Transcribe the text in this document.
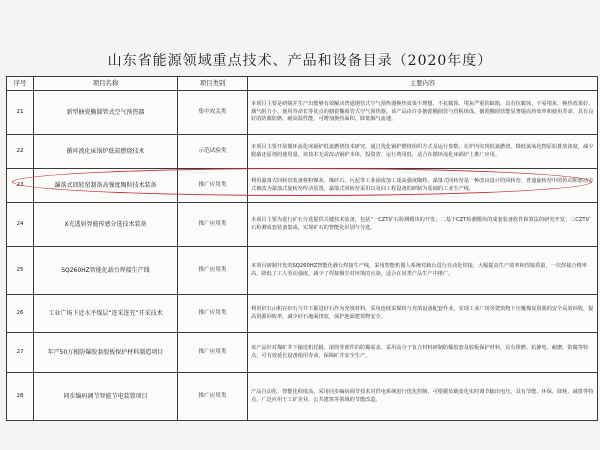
山东省能源领域重点技术、产品和设备目录（2020年度）
序号	项目名称	项目类别	主要内容
21	新型搪瓷椭圆管式空气预热器	集中攻关类	本项目主要是研制并生产出能够有效解决普通钢管式空气预热器换热效果不理想、不抗腐蚀、堵灰严重的缺陷，具有抗腐蚀、不易堵灰、换热效果好、烟气阻力小、使用寿命长等优点的搪瓷椭圆管式空气预热器。该产品由许多搪瓷椭圆管与管板组成，搪瓷椭圆管能显著提高热效率和使用寿命，具有良好的防腐防磨、耐高温性能，可增加换热面积、降低烟气流速。
22	循环流化床锅炉低氮燃烧技术	示范试验类	本项目主要开展循环流化床锅炉低氮燃烧技术研究，通过优化锅炉燃烧组织方式及运行参数，在炉内实现低氮燃烧，降低氮氧化物原始排放浓度，减少脱硝还原剂的使用量。该技术无需改动锅炉本体，投资省、运行费用低，适合在循环流化床锅炉上推广应用。
23	瀑落式回转窑制备高强度陶粒技术装备	推广应用类	利用瀑落式回转窑装备将粉煤灰、煤矸石、污泥等工业固废加工成高强度陶粒，瀑落式回转窑是一种改良设计的回转窑，普通旋转窑中的传动和驱动方式被改为瀑落式旋转窑传动装置，瀑落式回转窑采用以及回工程设备的研制为基础的工业生产线。
24	X光透射智能传感分选技术装备	推广应用类	本项目主要为进行矿石分选提供关键技术装备，包括“一CZT矿石检测模块的开发；二基于CZT检测模块的成套装备软件和算法的研究开发；三CZT矿石检测成套装备集成，实现矿石的智能化识别与分选。
25	SQ260HZ智能化载台焊接生产线	推广应用类	本项目研制开发的SQ260HZ智能化载台焊接生产线，采用智能机器人系统对载台进行自动化焊接，大幅提高生产效率和焊接质量，一次焊接合格率高，降低了工人劳动强度，减少了焊接烟尘对环境的污染，适合在同类产品生产中推广。
26	工业广场下近水平煤层“连采连充”开采技术	推广应用类	利用矸石山积存矸石与井下掘进矸石作为充填材料，采用连续采煤机与充填设备配套作业，实现工业广场等建筑物下压覆煤炭资源的安全高效回收，提高资源回收率，减少矸石地面排放，保护地面建筑物安全。
27	年产50万根防爆胶套胶板保护材料制造项目	推广应用类	该产品针对煤矿井下输送机托辊、滚筒等部件的防爆需求，采用高分子复合材料研制防爆胶套及胶板保护材料，具有阻燃、抗静电、耐磨、防腐等特点，可有效延长设备使用寿命，保障矿井安全生产。
28	同步编码调节智能节电装置项目	推广应用类	产品自动化、智能化程度高，采用同步编码调节技术对供电系统进行优化控制，可根据负载变化实时调节输出电压，具有节能、环保、降耗、减排等特点，广泛应用于工矿企业、公共建筑等领域的节能改造。
